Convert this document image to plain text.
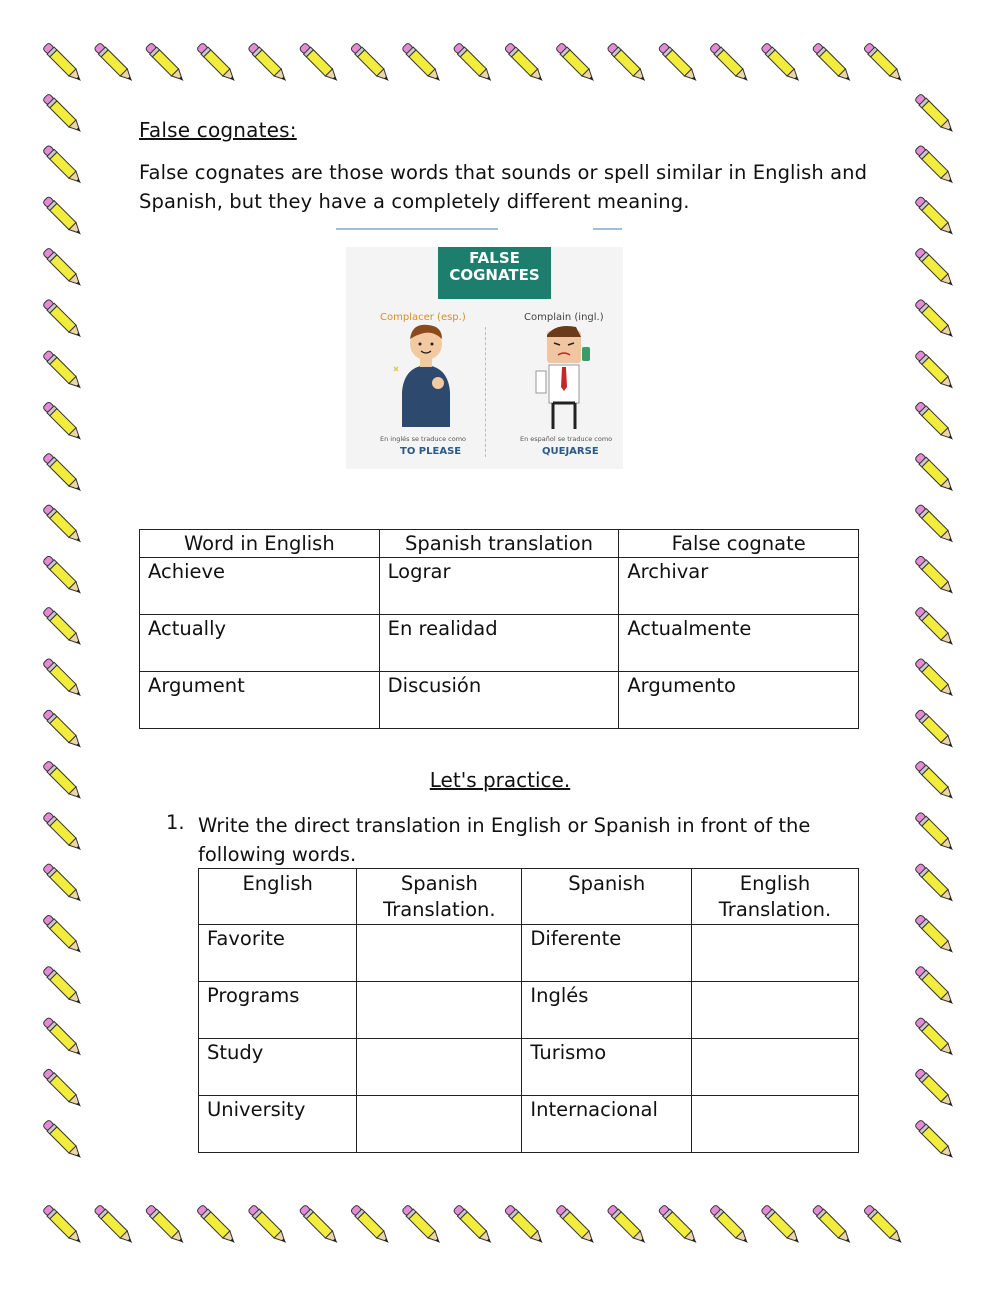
False cognates:
False cognates are those words that sounds or spell similar in English and Spanish, but they have a completely different meaning.
FALSE
COGNATES
Complacer (esp.)	Complain (ingl.)
En inglés se traduce como
TO PLEASE
En español se traduce como
QUEJARSE
Word in English	Spanish translation	False cognate
Achieve	Lograr	Archivar
Actually	En realidad	Actualmente
Argument	Discusión	Argumento
Let's practice.
1. Write the direct translation in English or Spanish in front of the following words.
English	Spanish Translation.	Spanish	English Translation.
Favorite		Diferente	
Programs		Inglés	
Study		Turismo	
University		Internacional	
